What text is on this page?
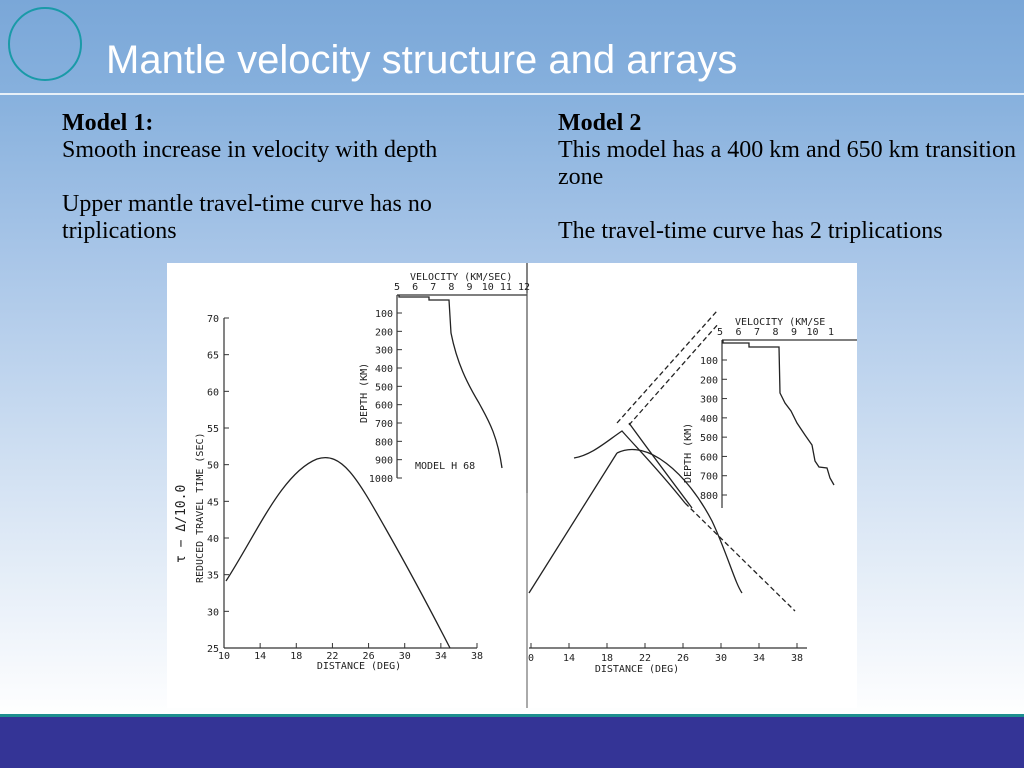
Mantle velocity structure and arrays

Model 1:

Smooth increase in velocity with depth

Upper mantle travel-time curve has no triplications

Model 2

This model has a 400 km and 650 km transition zone

The travel-time curve has 2 triplications

25
30
35
40
45
50
55
60
65
70
10 14 18 22 26 30 34 38
DISTANCE (DEG)
REDUCED TRAVEL TIME (SEC)
τ − Δ/10.0
VELOCITY (KM/SEC)
5 6 7 8 9 10 11 12
100
200
300
400
500
600
700
800
900
1000
DEPTH (KM)
MODEL H 68
0	14	18	22	26	30	34	38
DISTANCE (DEG)
VELOCITY (KM/SE
5 6 7 8 9 10 1
100
200
300
400
500
600
700
800
DEPTH (KM)
